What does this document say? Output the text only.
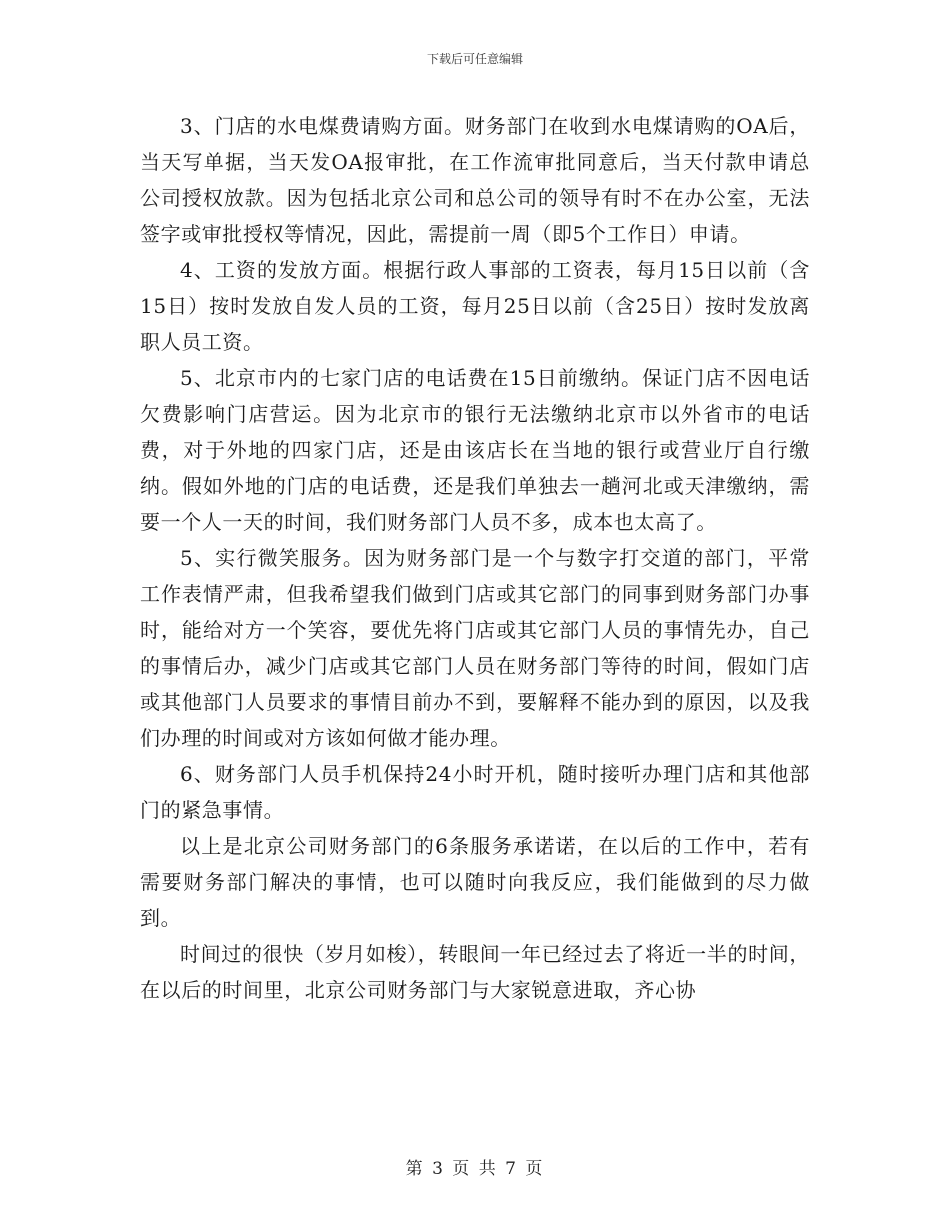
下载后可任意编辑

3、门店的水电煤费请购方面。财务部门在收到水电煤请购的OA后，当天写单据，当天发OA报审批，在工作流审批同意后，当天付款申请总公司授权放款。因为包括北京公司和总公司的领导有时不在办公室，无法签字或审批授权等情况，因此，需提前一周（即5个工作日）申请。

4、工资的发放方面。根据行政人事部的工资表，每月15日以前（含15日）按时发放自发人员的工资，每月25日以前（含25日）按时发放离职人员工资。

5、北京市内的七家门店的电话费在15日前缴纳。保证门店不因电话欠费影响门店营运。因为北京市的银行无法缴纳北京市以外省市的电话费，对于外地的四家门店，还是由该店长在当地的银行或营业厅自行缴纳。假如外地的门店的电话费，还是我们单独去一趟河北或天津缴纳，需要一个人一天的时间，我们财务部门人员不多，成本也太高了。

5、实行微笑服务。因为财务部门是一个与数字打交道的部门，平常工作表情严肃，但我希望我们做到门店或其它部门的同事到财务部门办事时，能给对方一个笑容，要优先将门店或其它部门人员的事情先办，自己的事情后办，减少门店或其它部门人员在财务部门等待的时间，假如门店或其他部门人员要求的事情目前办不到，要解释不能办到的原因，以及我们办理的时间或对方该如何做才能办理。

6、财务部门人员手机保持24小时开机，随时接听办理门店和其他部门的紧急事情。

以上是北京公司财务部门的6条服务承诺诺，在以后的工作中，若有需要财务部门解决的事情，也可以随时向我反应，我们能做到的尽力做到。

时间过的很快（岁月如梭），转眼间一年已经过去了将近一半的时间，在以后的时间里，北京公司财务部门与大家锐意进取，齐心协

第 3 页 共 7 页
